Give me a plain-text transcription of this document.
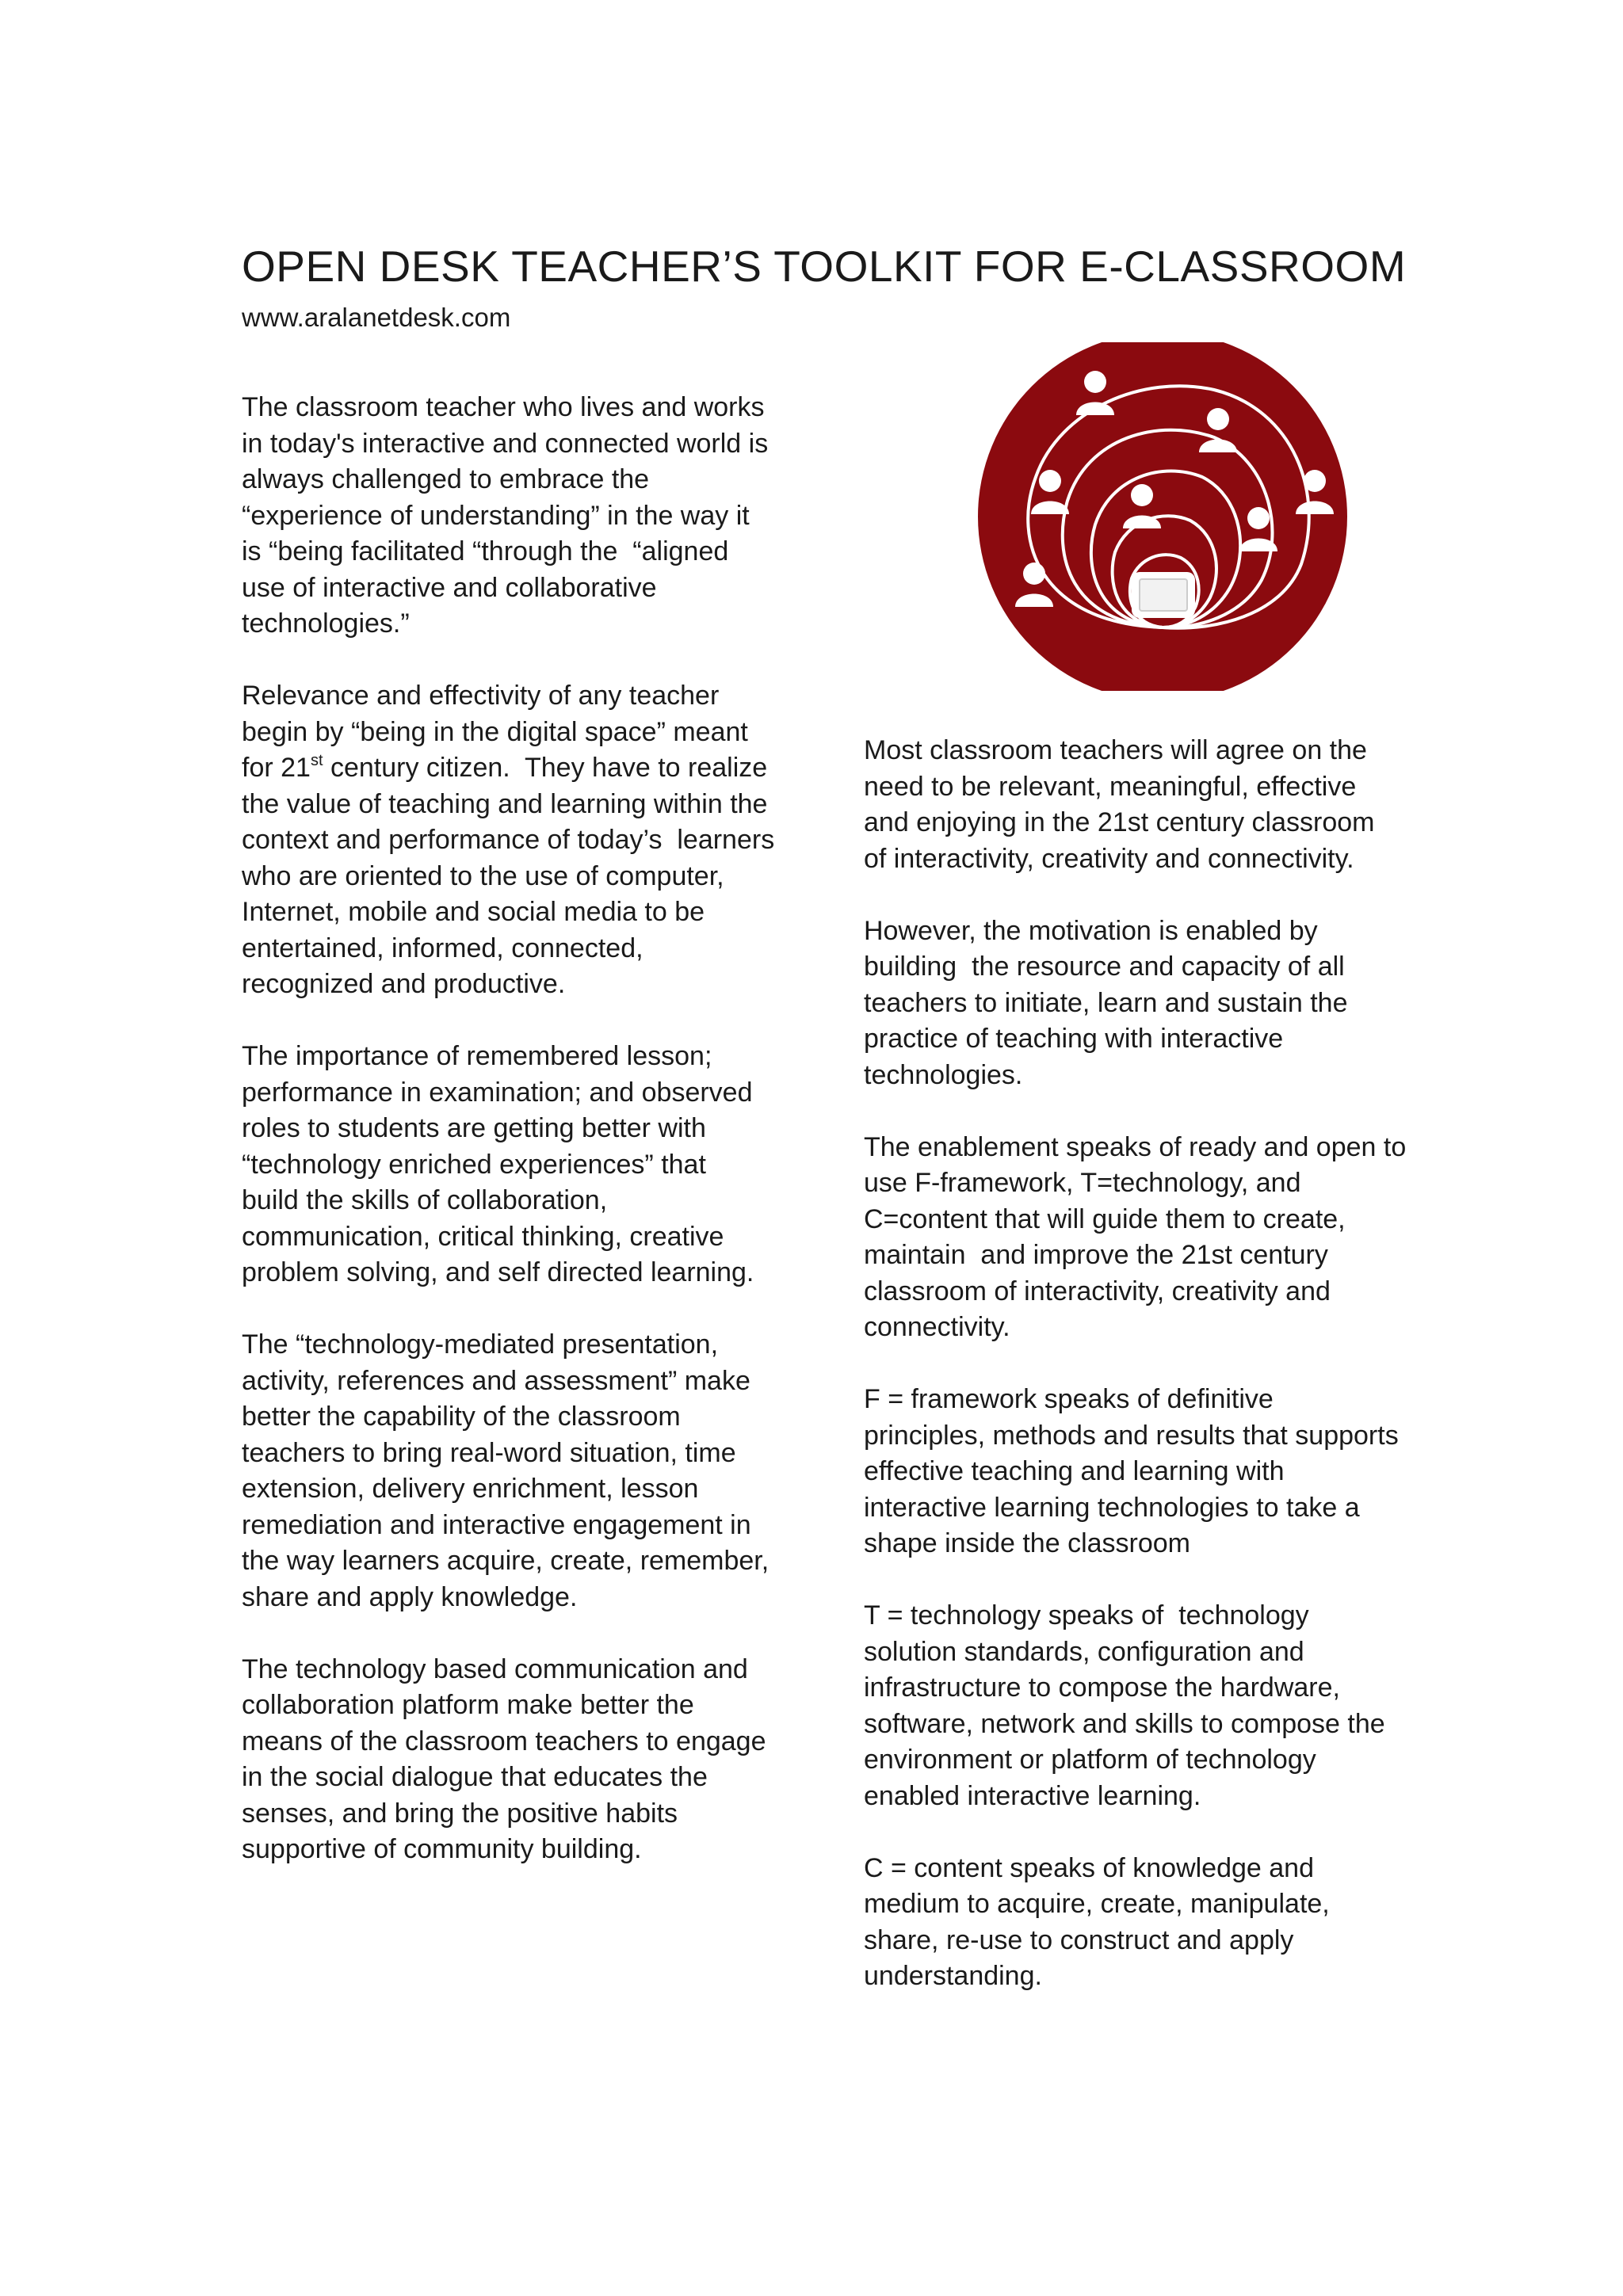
OPEN DESK TEACHER’S TOOLKIT FOR E-CLASSROOM
www.aralanetdesk.com

The classroom teacher who lives and works
in today's interactive and connected world is
always challenged to embrace the
“experience of understanding” in the way it
is “being facilitated “through the  “aligned
use of interactive and collaborative
technologies.”

Relevance and effectivity of any teacher
begin by “being in the digital space” meant
for 21st century citizen.  They have to realize
the value of teaching and learning within the
context and performance of today’s  learners
who are oriented to the use of computer,
Internet, mobile and social media to be
entertained, informed, connected,
recognized and productive.

The importance of remembered lesson;
performance in examination; and observed
roles to students are getting better with
“technology enriched experiences” that
build the skills of collaboration,
communication, critical thinking, creative
problem solving, and self directed learning.

The “technology-mediated presentation,
activity, references and assessment” make
better the capability of the classroom
teachers to bring real-word situation, time
extension, delivery enrichment, lesson
remediation and interactive engagement in
the way learners acquire, create, remember,
share and apply knowledge.

The technology based communication and
collaboration platform make better the
means of the classroom teachers to engage
in the social dialogue that educates the
senses, and bring the positive habits
supportive of community building.

Most classroom teachers will agree on the
need to be relevant, meaningful, effective
and enjoying in the 21st century classroom
of interactivity, creativity and connectivity.

However, the motivation is enabled by
building  the resource and capacity of all
teachers to initiate, learn and sustain the
practice of teaching with interactive
technologies.

The enablement speaks of ready and open to
use F-framework, T=technology, and
C=content that will guide them to create,
maintain  and improve the 21st century
classroom of interactivity, creativity and
connectivity.

F = framework speaks of definitive
principles, methods and results that supports
effective teaching and learning with
interactive learning technologies to take a
shape inside the classroom

T = technology speaks of  technology
solution standards, configuration and
infrastructure to compose the hardware,
software, network and skills to compose the
environment or platform of technology
enabled interactive learning.

C = content speaks of knowledge and
medium to acquire, create, manipulate,
share, re-use to construct and apply
understanding.
